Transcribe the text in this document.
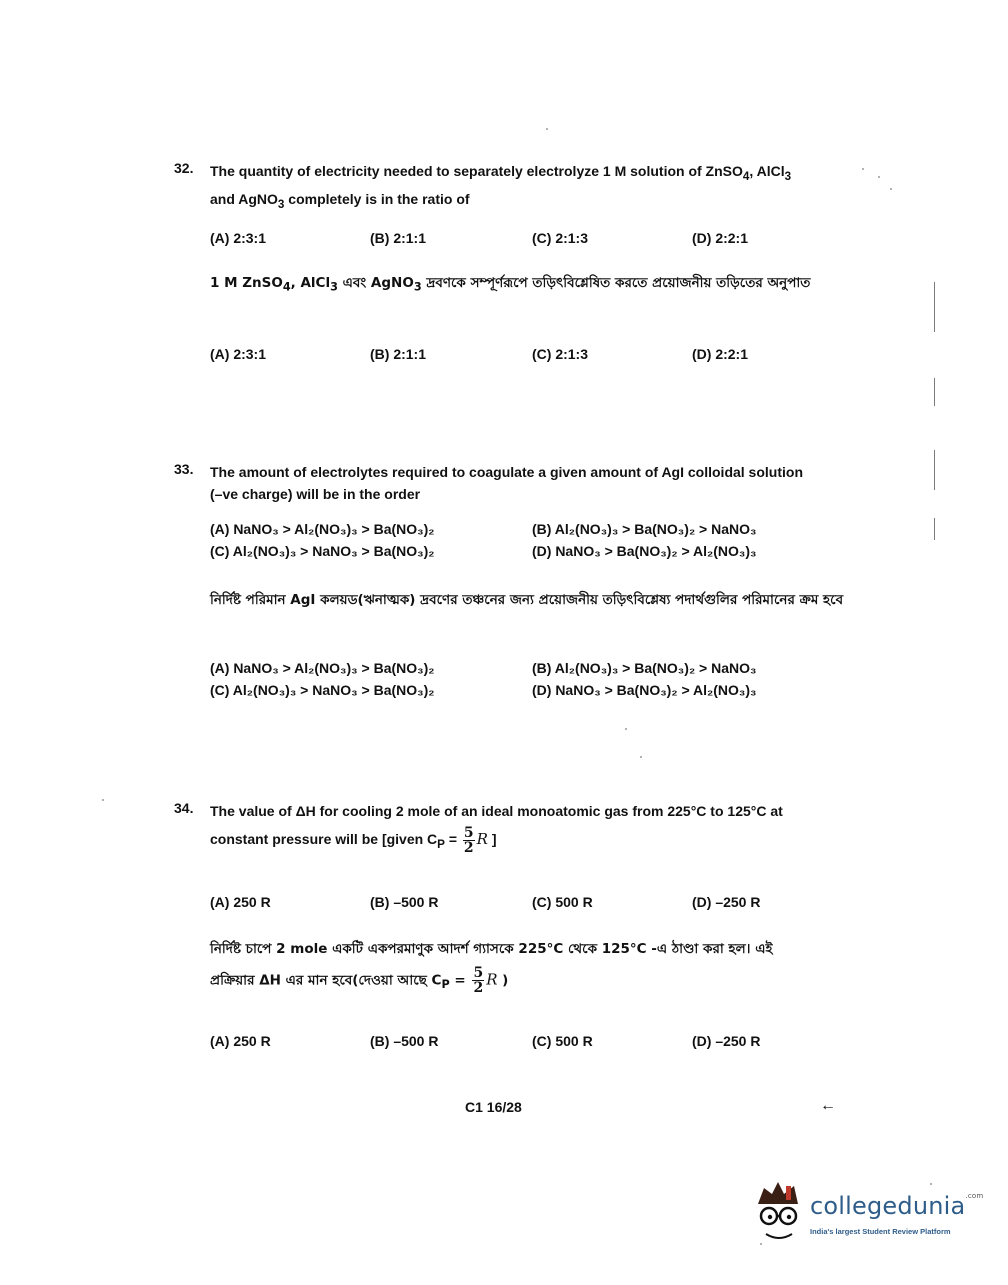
32. The quantity of electricity needed to separately electrolyze 1 M solution of ZnSO$_4$, AlCl$_3$
and AgNO$_3$ completely is in the ratio of
(A) 2:3:1	(B) 2:1:1	(C) 2:1:3	(D) 2:2:1
1 M ZnSO$_4$, AlCl$_3$ এবং AgNO$_3$ দ্রবণকে সম্পূর্ণরূপে তড়িৎবিশ্লেষিত করতে প্রয়োজনীয় তড়িতের অনুপাত
(A) 2:3:1	(B) 2:1:1	(C) 2:1:3	(D) 2:2:1
33. The amount of electrolytes required to coagulate a given amount of AgI colloidal solution
(–ve charge) will be in the order
(A) NaNO₃ > Al₂(NO₃)₃ > Ba(NO₃)₂	(B) Al₂(NO₃)₃ > Ba(NO₃)₂ > NaNO₃
(C) Al₂(NO₃)₃ > NaNO₃ > Ba(NO₃)₂	(D) NaNO₃ > Ba(NO₃)₂ > Al₂(NO₃)₃
নির্দিষ্ট পরিমান AgI কলয়ড(ঋনাত্মক) দ্রবণের তঞ্চনের জন্য প্রয়োজনীয় তড়িৎবিশ্লেষ্য পদার্থগুলির পরিমানের ক্রম হবে
(A) NaNO₃ > Al₂(NO₃)₃ > Ba(NO₃)₂	(B) Al₂(NO₃)₃ > Ba(NO₃)₂ > NaNO₃
(C) Al₂(NO₃)₃ > NaNO₃ > Ba(NO₃)₂	(D) NaNO₃ > Ba(NO₃)₂ > Al₂(NO₃)₃
34. The value of ΔH for cooling 2 mole of an ideal monoatomic gas from 225°C to 125°C at
constant pressure will be [given $C_P = \frac{5}{2}$ R ]
(A) 250 R	(B) –500 R	(C) 500 R	(D) –250 R
নির্দিষ্ট চাপে 2 mole একটি একপরমাণুক আদর্শ গ্যাসকে 225°C থেকে 125°C -এ ঠাণ্ডা করা হল। এই
প্রক্রিয়ার ΔH এর মান হবে(দেওয়া আছে $C_P = \frac{5}{2}$ R )
(A) 250 R	(B) –500 R	(C) 500 R	(D) –250 R
C1 16/28	←
collegedunia$^{.com}$
India's largest Student Review Platform
